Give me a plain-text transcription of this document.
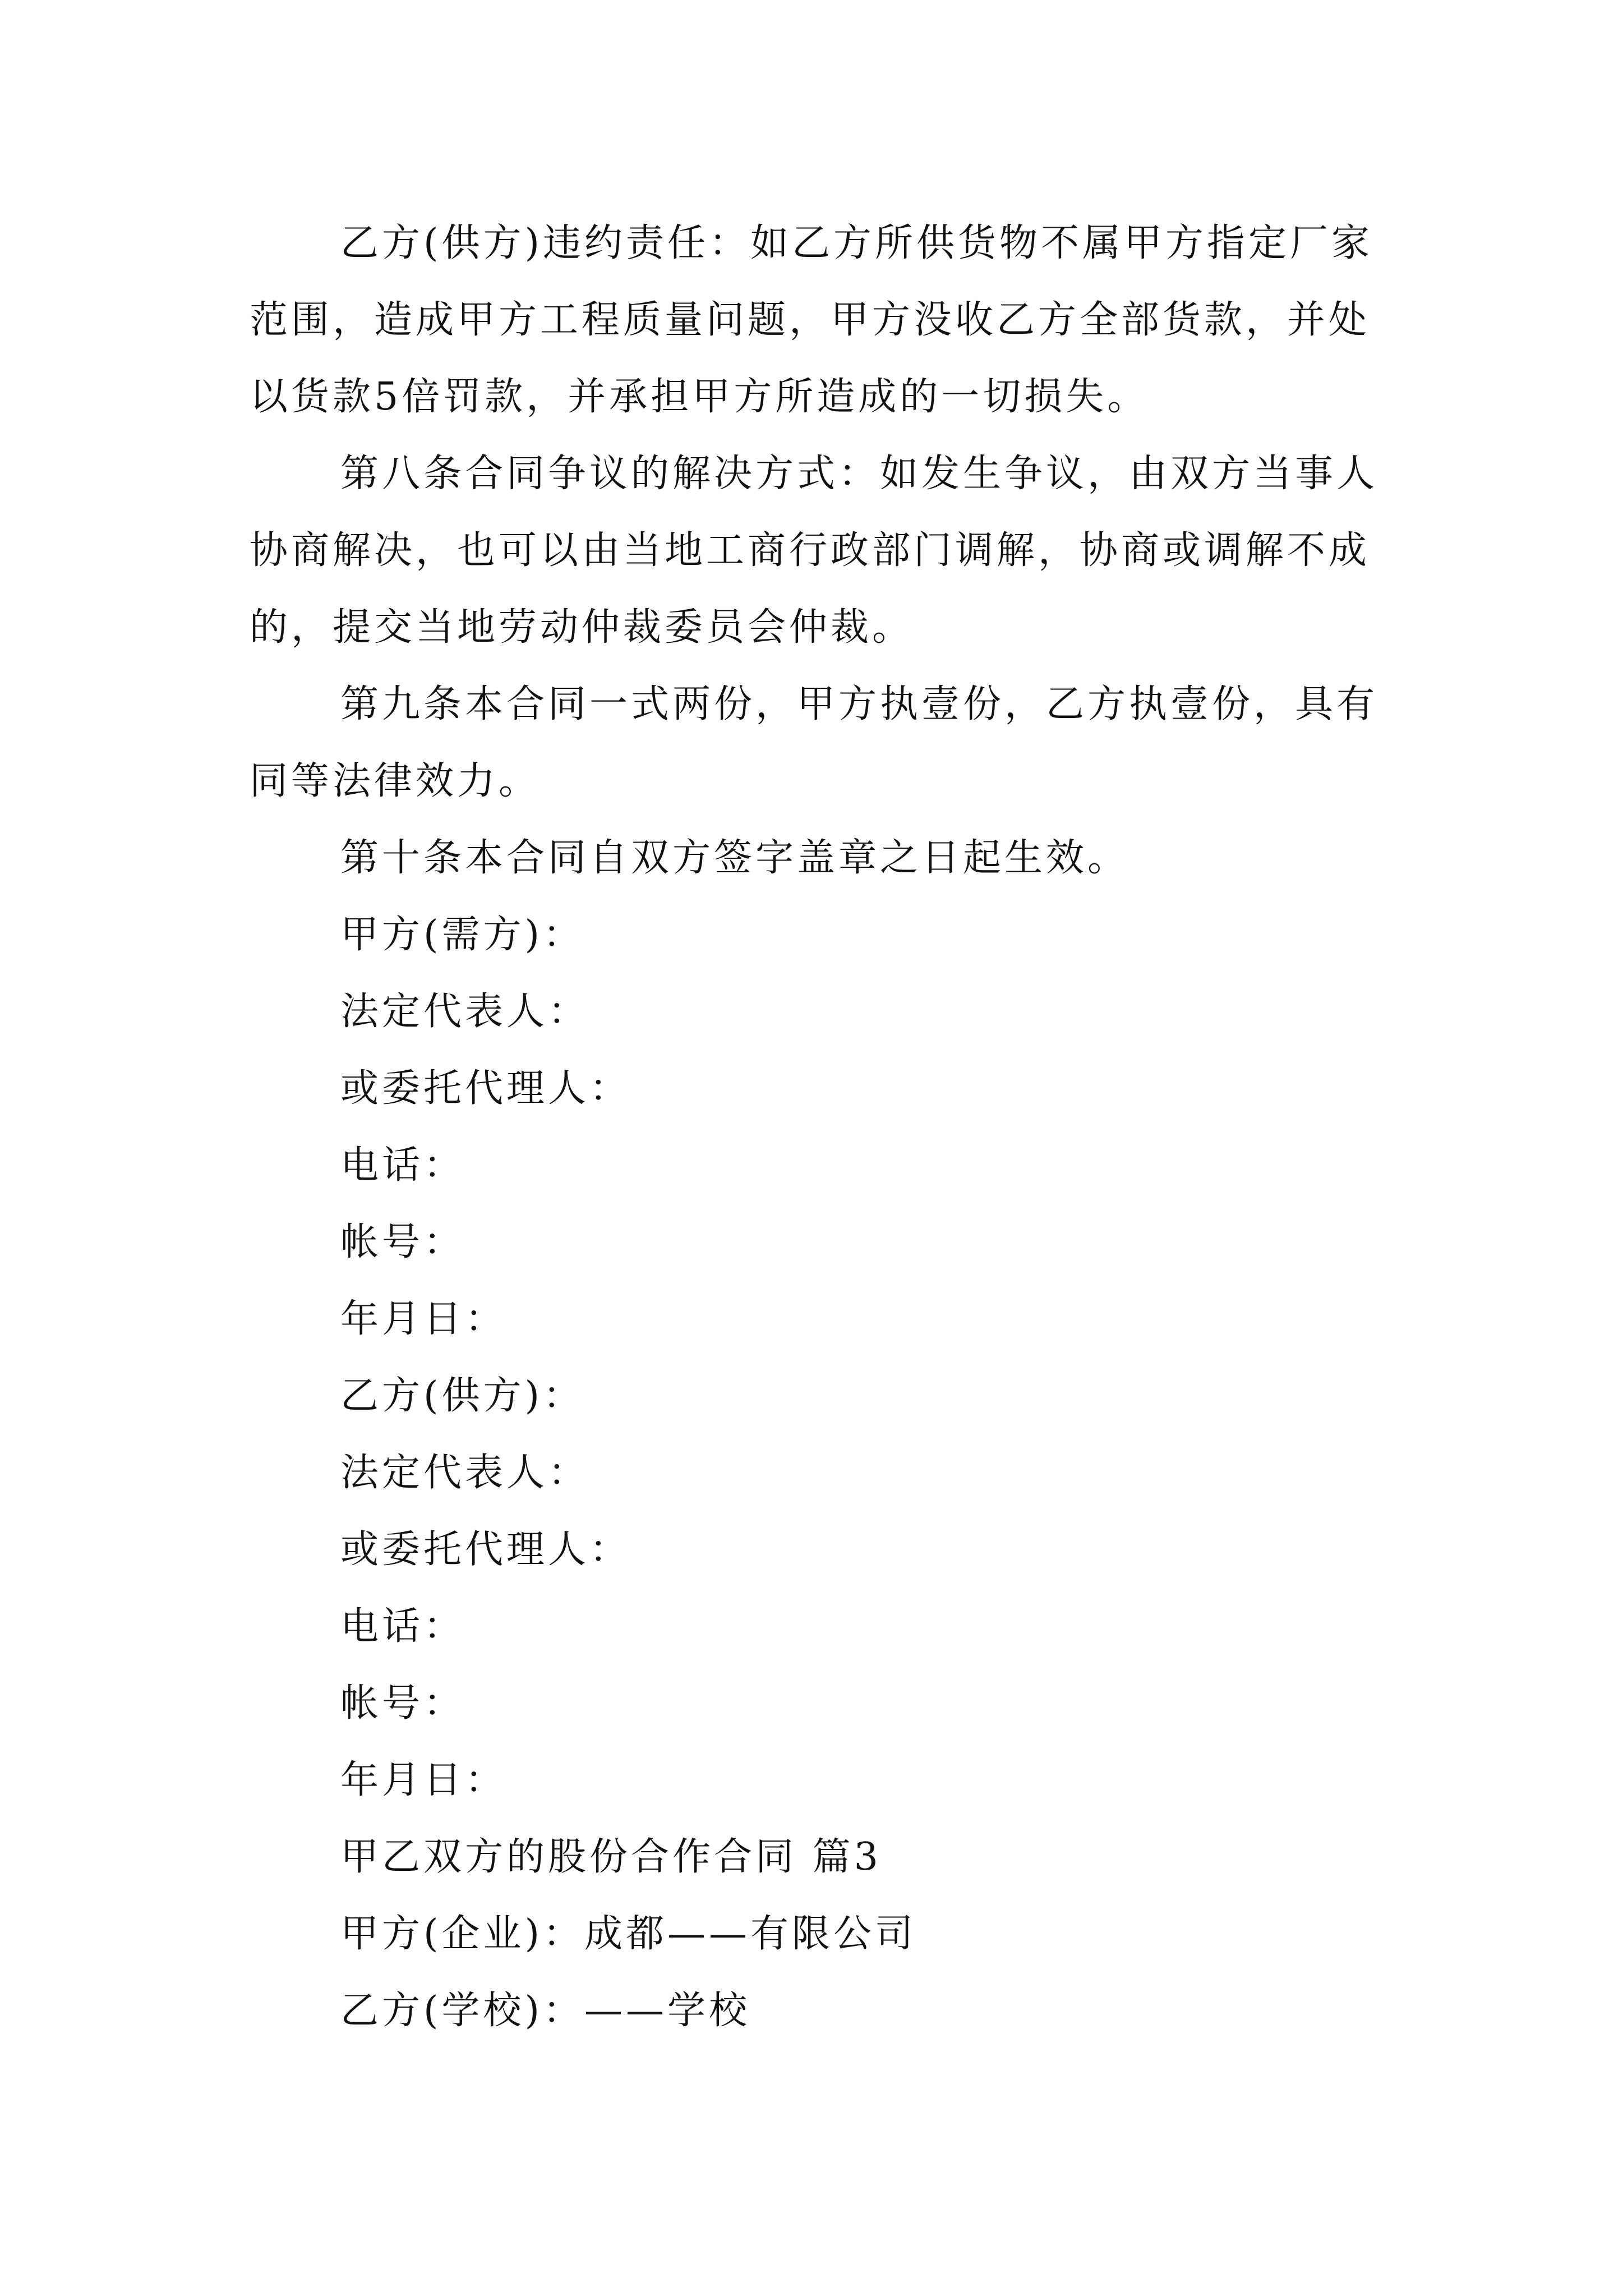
乙方(供方)违约责任：如乙方所供货物不属甲方指定厂家范围，造成甲方工程质量问题，甲方没收乙方全部货款，并处以货款5倍罚款，并承担甲方所造成的一切损失。

第八条合同争议的解决方式：如发生争议，由双方当事人协商解决，也可以由当地工商行政部门调解，协商或调解不成的，提交当地劳动仲裁委员会仲裁。

第九条本合同一式两份，甲方执壹份，乙方执壹份，具有同等法律效力。

第十条本合同自双方签字盖章之日起生效。

甲方(需方)：

法定代表人：

或委托代理人：

电话：

帐号：

年月日：

乙方(供方)：

法定代表人：

或委托代理人：

电话：

帐号：

年月日：

甲乙双方的股份合作合同 篇3

甲方(企业)：成都——有限公司

乙方(学校)：——学校
